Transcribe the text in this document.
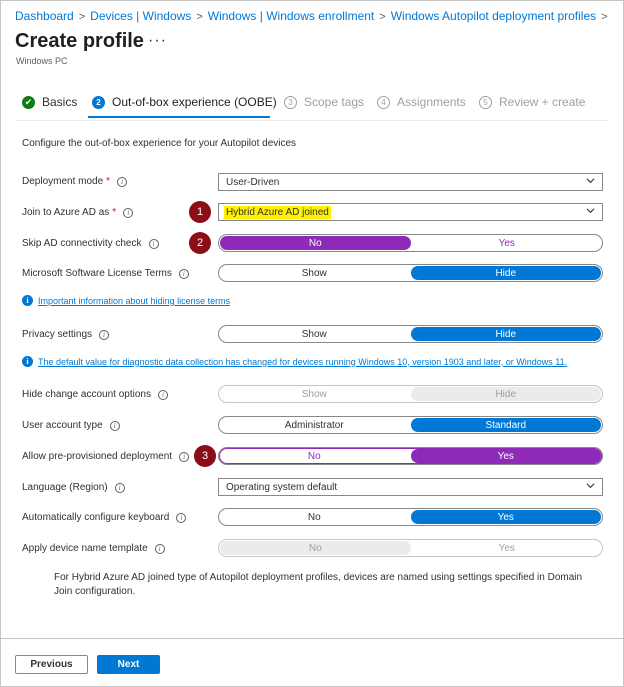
Dashboard > Devices | Windows > Windows | Windows enrollment > Windows Autopilot deployment profiles >
Create profile ···
Windows PC
✔ Basics	2 Out-of-box experience (OOBE)	3 Scope tags	4 Assignments	5 Review + create
Configure the out-of-box experience for your Autopilot devices
Deployment mode *	i	User-Driven
Join to Azure AD as *	i	Hybrid Azure AD joined
1
Skip AD connectivity check	i	No	Yes
2
Microsoft Software License Terms	i	Show	Hide
i	Important information about hiding license terms
Privacy settings	i	Show	Hide
i	The default value for diagnostic data collection has changed for devices running Windows 10, version 1903 and later, or Windows 11.
Hide change account options	i	Show	Hide
User account type	i	Administrator	Standard
Allow pre-provisioned deployment	i	No	Yes
3
Language (Region)	i	Operating system default
Automatically configure keyboard	i	No	Yes
Apply device name template	i	No	Yes
For Hybrid Azure AD joined type of Autopilot deployment profiles, devices are named using settings specified in Domain Join configuration.
Previous	Next
